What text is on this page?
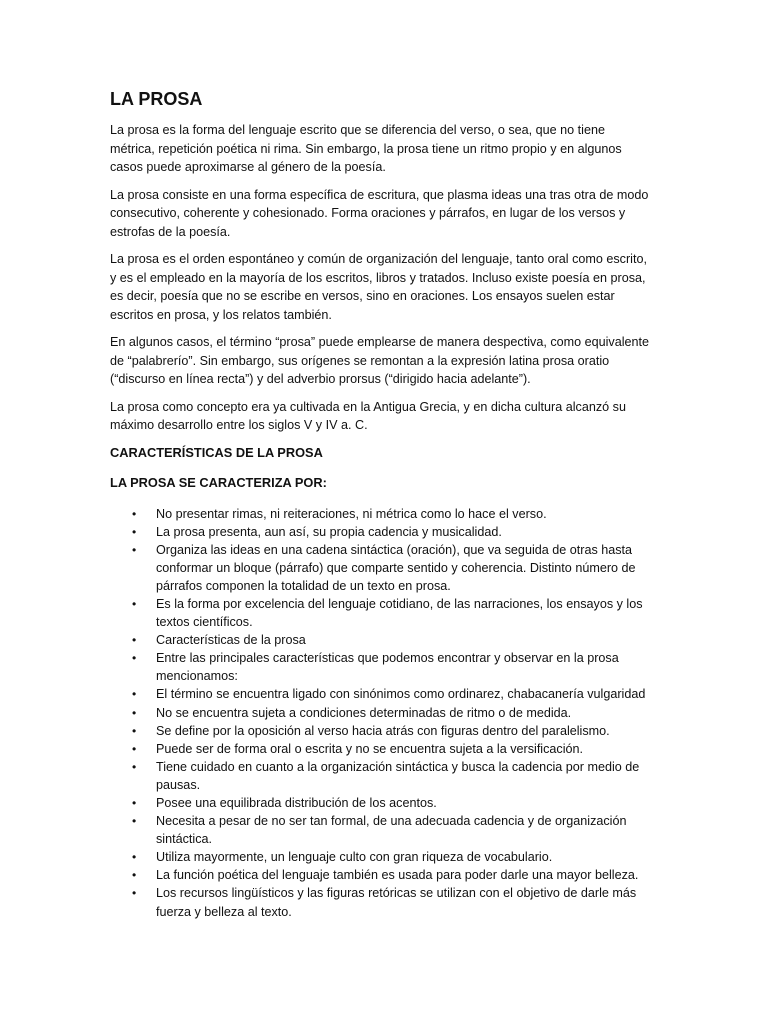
LA PROSA

La prosa es la forma del lenguaje escrito que se diferencia del verso, o sea, que no tiene métrica, repetición poética ni rima. Sin embargo, la prosa tiene un ritmo propio y en algunos casos puede aproximarse al género de la poesía.

La prosa consiste en una forma específica de escritura, que plasma ideas una tras otra de modo consecutivo, coherente y cohesionado. Forma oraciones y párrafos, en lugar de los versos y estrofas de la poesía.

La prosa es el orden espontáneo y común de organización del lenguaje, tanto oral como escrito, y es el empleado en la mayoría de los escritos, libros y tratados. Incluso existe poesía en prosa, es decir, poesía que no se escribe en versos, sino en oraciones. Los ensayos suelen estar escritos en prosa, y los relatos también.

En algunos casos, el término “prosa” puede emplearse de manera despectiva, como equivalente de “palabrerío”. Sin embargo, sus orígenes se remontan a la expresión latina prosa oratio (“discurso en línea recta”) y del adverbio prorsus (“dirigido hacia adelante”).

La prosa como concepto era ya cultivada en la Antigua Grecia, y en dicha cultura alcanzó su máximo desarrollo entre los siglos V y IV a. C.

CARACTERÍSTICAS DE LA PROSA
LA PROSA SE CARACTERIZA POR:
• No presentar rimas, ni reiteraciones, ni métrica como lo hace el verso.
• La prosa presenta, aun así, su propia cadencia y musicalidad.
• Organiza las ideas en una cadena sintáctica (oración), que va seguida de otras hasta conformar un bloque (párrafo) que comparte sentido y coherencia. Distinto número de párrafos componen la totalidad de un texto en prosa.
• Es la forma por excelencia del lenguaje cotidiano, de las narraciones, los ensayos y los textos científicos.
• Características de la prosa
• Entre las principales características que podemos encontrar y observar en la prosa mencionamos:
• El término se encuentra ligado con sinónimos como ordinarez, chabacanería vulgaridad
• No se encuentra sujeta a condiciones determinadas de ritmo o de medida.
• Se define por la oposición al verso hacia atrás con figuras dentro del paralelismo.
• Puede ser de forma oral o escrita y no se encuentra sujeta a la versificación.
• Tiene cuidado en cuanto a la organización sintáctica y busca la cadencia por medio de pausas.
• Posee una equilibrada distribución de los acentos.
• Necesita a pesar de no ser tan formal, de una adecuada cadencia y de organización sintáctica.
• Utiliza mayormente, un lenguaje culto con gran riqueza de vocabulario.
• La función poética del lenguaje también es usada para poder darle una mayor belleza.
• Los recursos lingüísticos y las figuras retóricas se utilizan con el objetivo de darle más fuerza y belleza al texto.
